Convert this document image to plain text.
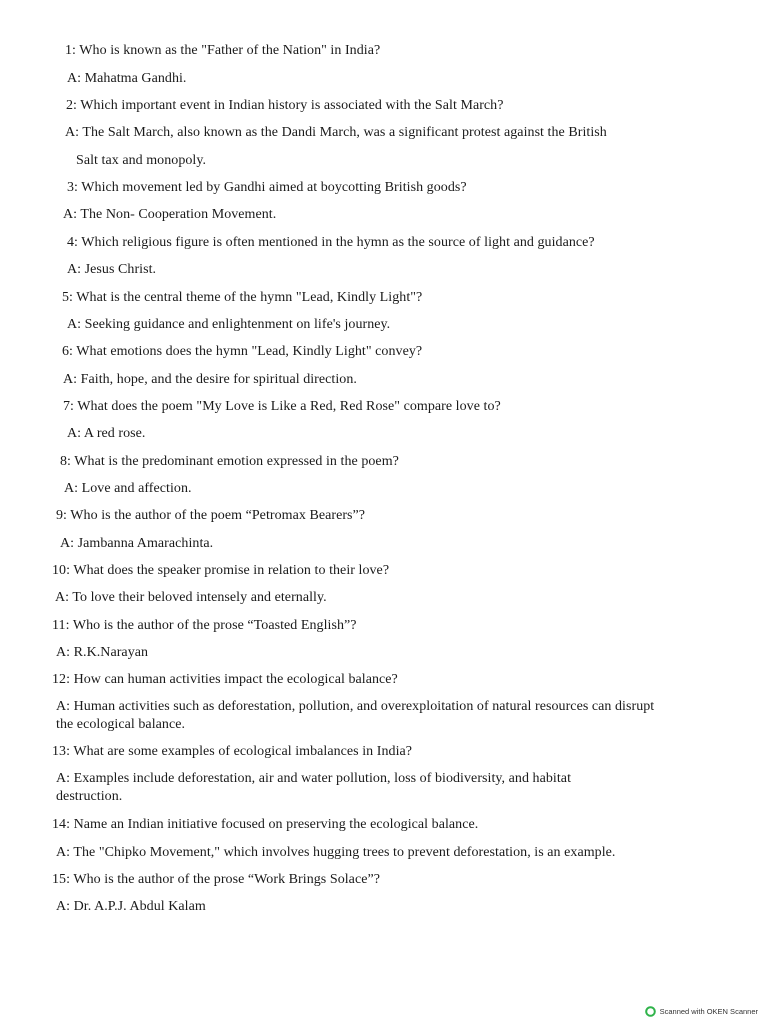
1: Who is known as the "Father of the Nation" in India?
A: Mahatma Gandhi.
2: Which important event in Indian history is associated with the Salt March?
A: The Salt March, also known as the Dandi March, was a significant protest against the British
Salt tax and monopoly.
3: Which movement led by Gandhi aimed at boycotting British goods?
A: The Non- Cooperation Movement.
4: Which religious figure is often mentioned in the hymn as the source of light and guidance?
A: Jesus Christ.
5: What is the central theme of the hymn "Lead, Kindly Light"?
A: Seeking guidance and enlightenment on life's journey.
6: What emotions does the hymn "Lead, Kindly Light" convey?
A: Faith, hope, and the desire for spiritual direction.
7: What does the poem "My Love is Like a Red, Red Rose" compare love to?
A: A red rose.
8: What is the predominant emotion expressed in the poem?
A: Love and affection.
9: Who is the author of the poem “Petromax Bearers”?
A: Jambanna Amarachinta.
10: What does the speaker promise in relation to their love?
A: To love their beloved intensely and eternally.
11: Who is the author of the prose “Toasted English”?
A: R.K.Narayan
12: How can human activities impact the ecological balance?
A: Human activities such as deforestation, pollution, and overexploitation of natural resources can disrupt the ecological balance.
13: What are some examples of ecological imbalances in India?
A: Examples include deforestation, air and water pollution, loss of biodiversity, and habitat destruction.
14: Name an Indian initiative focused on preserving the ecological balance.
A: The "Chipko Movement," which involves hugging trees to prevent deforestation, is an example.
15: Who is the author of the prose “Work Brings Solace”?
A: Dr. A.P.J. Abdul Kalam
Scanned with OKEN Scanner
